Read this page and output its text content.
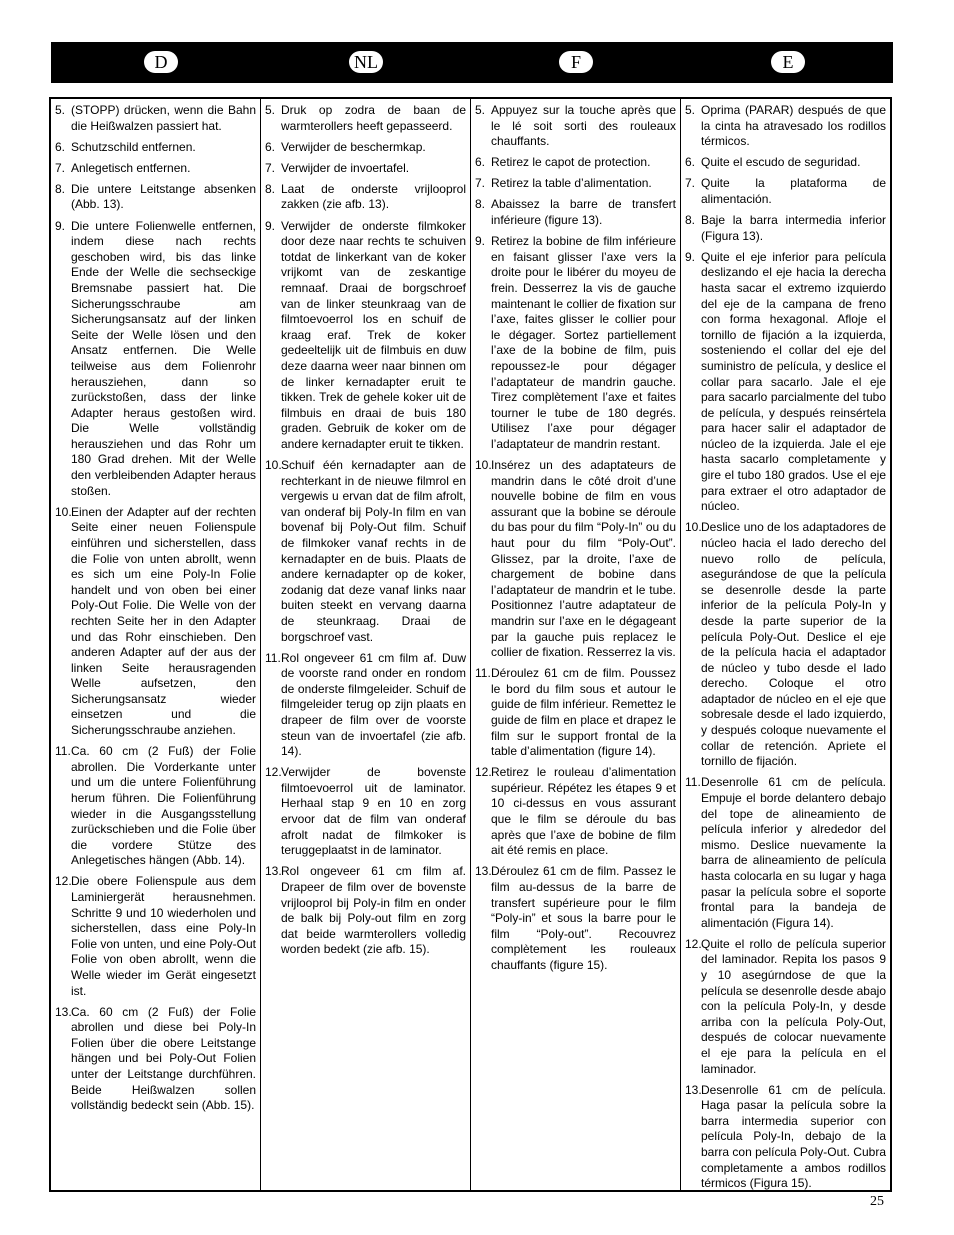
D	NL	F	E
5. (STOPP) drücken, wenn die Bahn die Heißwalzen passiert hat.
6. Schutzschild entfernen.
7. Anlegetisch entfernen.
8. Die untere Leitstange absenken (Abb. 13).
9. Die untere Folienwelle entfernen, indem diese nach rechts geschoben wird, bis das linke Ende der Welle die sechseckige Bremsnabe passiert hat. Die Sicherungsschraube am Sicherungsansatz auf der linken Seite der Welle lösen und den Ansatz entfernen. Die Welle teilweise aus dem Folienrohr herausziehen, dann so zurückstoßen, dass der linke Adapter heraus gestoßen wird. Die Welle vollständig herausziehen und das Rohr um 180 Grad drehen. Mit der Welle den verbleibenden Adapter heraus stoßen.
10.Einen der Adapter auf der rechten Seite einer neuen Folienspule einführen und sicherstellen, dass die Folie von unten abrollt, wenn es sich um eine Poly-In Folie handelt und von oben bei einer Poly-Out Folie. Die Welle von der rechten Seite her in den Adapter und das Rohr einschieben. Den anderen Adapter auf der aus der linken Seite herausragenden Welle aufsetzen, den Sicherungsansatz wieder einsetzen und die Sicherungsschraube anziehen.
11.Ca. 60 cm (2 Fuß) der Folie abrollen. Die Vorderkante unter und um die untere Folienführung herum führen. Die Folienführung wieder in die Ausgangsstellung zurückschieben und die Folie über die vordere Stütze des Anlegetisches hängen (Abb. 14).
12.Die obere Folienspule aus dem Laminiergerät herausnehmen. Schritte 9 und 10 wiederholen und sicherstellen, dass eine Poly-In Folie von unten, und eine Poly-Out Folie von oben abrollt, wenn die Welle wieder im Gerät eingesetzt ist.
13.Ca. 60 cm (2 Fuß) der Folie abrollen und diese bei Poly-In Folien über die obere Leitstange hängen und bei Poly-Out Folien unter der Leitstange durchführen. Beide Heißwalzen sollen vollständig bedeckt sein (Abb. 15).
5. Druk op zodra de baan de warmterollers heeft gepasseerd.
6. Verwijder de beschermkap.
7. Verwijder de invoertafel.
8. Laat de onderste vrijlooprol zakken (zie afb. 13).
9. Verwijder de onderste filmkoker door deze naar rechts te schuiven totdat de linkerkant van de koker vrijkomt van de zeskantige remnaaf. Draai de borgschroef van de linker steunkraag van de filmtoevoerrol los en schuif de kraag eraf. Trek de koker gedeeltelijk uit de filmbuis en duw deze daarna weer naar binnen om de linker kernadapter eruit te tikken. Trek de gehele koker uit de filmbuis en draai de buis 180 graden. Gebruik de koker om de andere kernadapter eruit te tikken.
10.Schuif één kernadapter aan de rechterkant in de nieuwe filmrol en vergewis u ervan dat de film afrolt, van onderaf bij Poly-In film en van bovenaf bij Poly-Out film. Schuif de filmkoker vanaf rechts in de kernadapter en de buis. Plaats de andere kernadapter op de koker, zodanig dat deze vanaf links naar buiten steekt en vervang daarna de steunkraag. Draai de borgschroef vast.
11.Rol ongeveer 61 cm film af. Duw de voorste rand onder en rondom de onderste filmgeleider. Schuif de filmgeleider terug op zijn plaats en drapeer de film over de voorste steun van de invoertafel (zie afb. 14).
12.Verwijder de bovenste filmtoevoerrol uit de laminator. Herhaal stap 9 en 10 en zorg ervoor dat de film van onderaf afrolt nadat de filmkoker is teruggeplaatst in de laminator.
13.Rol ongeveer 61 cm film af. Drapeer de film over de bovenste vrijlooprol bij Poly-in film en onder de balk bij Poly-out film en zorg dat beide warmterollers volledig worden bedekt (zie afb. 15).
5. Appuyez sur la touche après que le lé soit sorti des rouleaux chauffants.
6. Retirez le capot de protection.
7. Retirez la table d’alimentation.
8. Abaissez la barre de transfert inférieure (figure 13).
9. Retirez la bobine de film inférieure en faisant glisser l’axe vers la droite pour le libérer du moyeu de frein. Desserrez la vis de gauche maintenant le collier de fixation sur l’axe, faites glisser le collier pour le dégager. Sortez partiellement l’axe de la bobine de film, puis repoussez-le pour dégager l’adaptateur de mandrin gauche. Tirez complètement l’axe et faites tourner le tube de 180 degrés. Utilisez l’axe pour dégager l’adaptateur de mandrin restant.
10.Insérez un des adaptateurs de mandrin dans le côté droit d’une nouvelle bobine de film en vous assurant que la bobine se déroule du bas pour du film “Poly-In” ou du haut pour du film “Poly-Out”. Glissez, par la droite, l’axe de chargement de bobine dans l’adaptateur de mandrin et le tube. Positionnez l’autre adaptateur de mandrin sur l’axe en le dégageant par la gauche puis replacez le collier de fixation. Resserrez la vis.
11.Déroulez 61 cm de film. Poussez le bord du film sous et autour le guide de film inférieur. Remettez le guide de film en place et drapez le film sur le support frontal de la table d’alimentation (figure 14).
12.Retirez le rouleau d’alimentation supérieur. Répétez les étapes 9 et 10 ci-dessus en vous assurant que le film se déroule du bas après que l’axe de bobine de film ait été remis en place.
13.Déroulez 61 cm de film. Passez le film au-dessus de la barre de transfert supérieure pour le film “Poly-in” et sous la barre pour le film “Poly-out”. Recouvrez complètement les rouleaux chauffants (figure 15).
5. Oprima (PARAR) después de que la cinta ha atravesado los rodillos térmicos.
6. Quite el escudo de seguridad.
7. Quite la plataforma de alimentación.
8. Baje la barra intermedia inferior (Figura 13).
9. Quite el eje inferior para película deslizando el eje hacia la derecha hasta sacar el extremo izquierdo del eje de la campana de freno con forma hexagonal. Afloje el tornillo de fijación a la izquierda, sosteniendo el collar del eje del suministro de película, y deslice el collar para sacarlo. Jale el eje para sacarlo parcialmente del tubo de película, y después reinsértela para hacer salir el adaptador de núcleo de la izquierda. Jale el eje hasta sacarlo completamente y gire el tubo 180 grados. Use el eje para extraer el otro adaptador de núcleo.
10.Deslice uno de los adaptadores de núcleo hacia el lado derecho del nuevo rollo de película, asegurándose de que la película se desenrolle desde la parte inferior de la película Poly-In y desde la parte superior de la película Poly-Out. Deslice el eje de la película hacia el adaptador de núcleo y tubo desde el lado derecho. Coloque el otro adaptador de núcleo en el eje que sobresale desde el lado izquierdo, y después coloque nuevamente el collar de retención. Apriete el tornillo de fijación.
11.Desenrolle 61 cm de película. Empuje el borde delantero debajo del tope de alineamiento de película inferior y alrededor del mismo. Deslice nuevamente la barra de alineamiento de película hasta colocarla en su lugar y haga pasar la película sobre el soporte frontal para la bandeja de alimentación (Figura 14).
12.Quite el rollo de película superior del laminador. Repita los pasos 9 y 10 asegúrndose de que la película se desenrolle desde abajo con la película Poly-In, y desde arriba con la película Poly-Out, después de colocar nuevamente el eje para la película en el laminador.
13.Desenrolle 61 cm de película. Haga pasar la película sobre la barra intermedia superior con película Poly-In, debajo de la barra con película Poly-Out. Cubra completamente a ambos rodillos térmicos (Figura 15).
25
